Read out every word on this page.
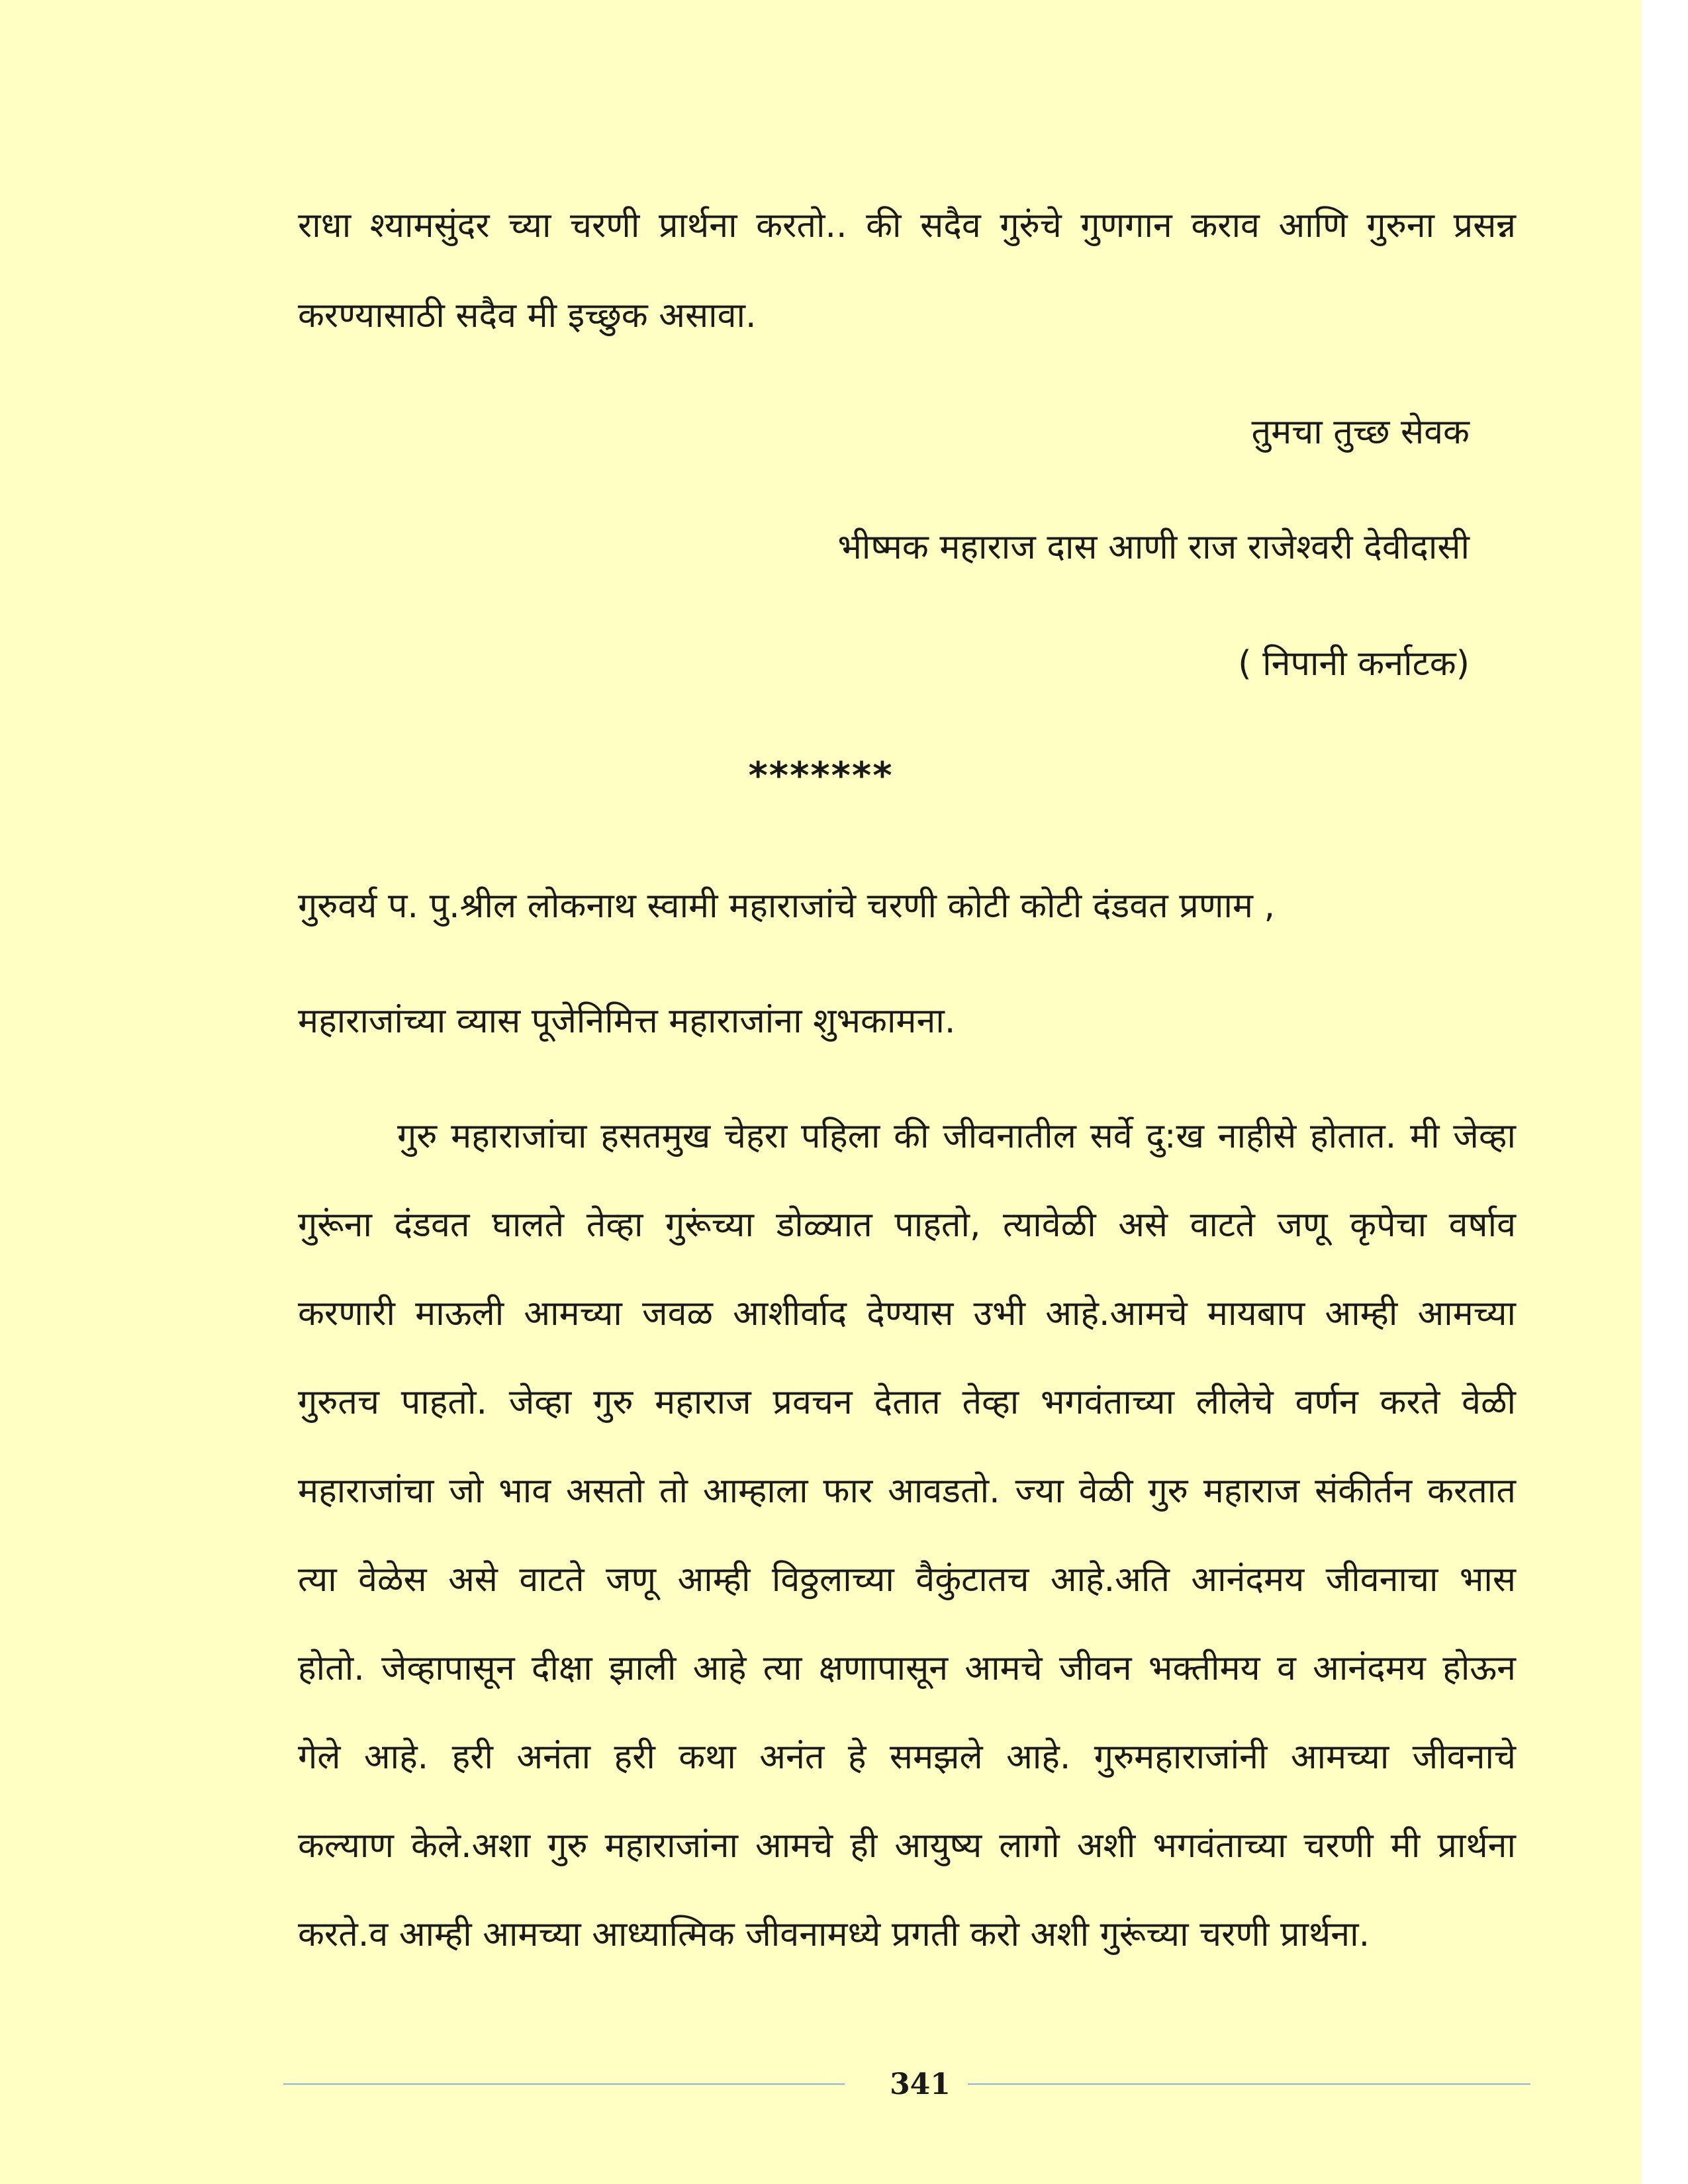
राधा श्यामसुंदर च्या चरणी प्रार्थना करतो.. की सदैव गुरुंचे गुणगान कराव आणि गुरुना प्रसन्न
करण्यासाठी सदैव मी इच्छुक असावा.
तुमचा तुच्छ सेवक
भीष्मक महाराज दास आणी राज राजेश्वरी देवीदासी
( निपानी कर्नाटक)
*******
गुरुवर्य प. पु.श्रील लोकनाथ स्वामी महाराजांचे चरणी कोटी कोटी दंडवत प्रणाम ,
महाराजांच्या व्यास पूजेनिमित्त महाराजांना शुभकामना.
गुरु महाराजांचा हसतमुख चेहरा पहिला की जीवनातील सर्वे दु:ख नाहीसे होतात. मी जेव्हा
गुरूंना दंडवत घालते तेव्हा गुरूंच्या डोळ्यात पाहतो, त्यावेळी असे वाटते जणू कृपेचा वर्षाव
करणारी माऊली आमच्या जवळ आशीर्वाद देण्यास उभी आहे.आमचे मायबाप आम्ही आमच्या
गुरुतच पाहतो. जेव्हा गुरु महाराज प्रवचन देतात तेव्हा भगवंताच्या लीलेचे वर्णन करते वेळी
महाराजांचा जो भाव असतो तो आम्हाला फार आवडतो. ज्या वेळी गुरु महाराज संकीर्तन करतात
त्या वेळेस असे वाटते जणू आम्ही विठ्ठलाच्या वैकुंटातच आहे.अति आनंदमय जीवनाचा भास
होतो. जेव्हापासून दीक्षा झाली आहे त्या क्षणापासून आमचे जीवन भक्तीमय व आनंदमय होऊन
गेले आहे. हरी अनंता हरी कथा अनंत हे समझले आहे. गुरुमहाराजांनी आमच्या जीवनाचे
कल्याण केले.अशा गुरु महाराजांना आमचे ही आयुष्य लागो अशी भगवंताच्या चरणी मी प्रार्थना
करते.व आम्ही आमच्या आध्यात्मिक जीवनामध्ये प्रगती करो अशी गुरूंच्या चरणी प्रार्थना.
341
